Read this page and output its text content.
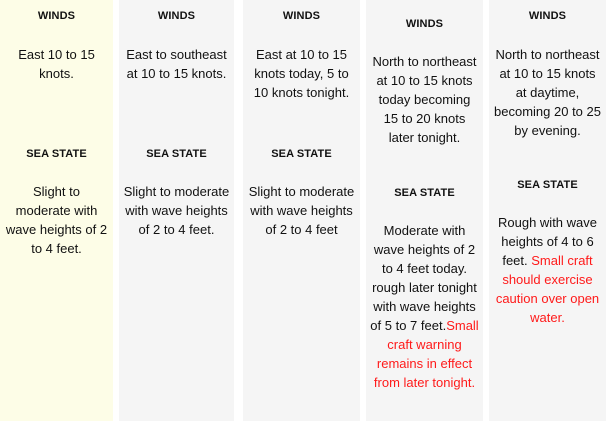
WINDS
East 10 to 15 knots.
SEA STATE
Slight to moderate with wave heights of 2 to 4 feet.
WINDS
East to southeast at 10 to 15 knots.
SEA STATE
Slight to moderate with wave heights of 2 to 4 feet.
WINDS
East at 10 to 15 knots today, 5 to 10 knots tonight.
SEA STATE
Slight to moderate with wave heights of 2 to 4 feet
WINDS
North to northeast at 10 to 15 knots today becoming 15 to 20 knots later tonight.
SEA STATE
Moderate with wave heights of 2 to 4 feet today. rough later tonight with wave heights of 5 to 7 feet.Small craft warning remains in effect from later tonight.
WINDS
North to northeast at 10 to 15 knots at daytime, becoming 20 to 25 by evening.
SEA STATE
Rough with wave heights of 4 to 6 feet. Small craft should exercise caution over open water.
